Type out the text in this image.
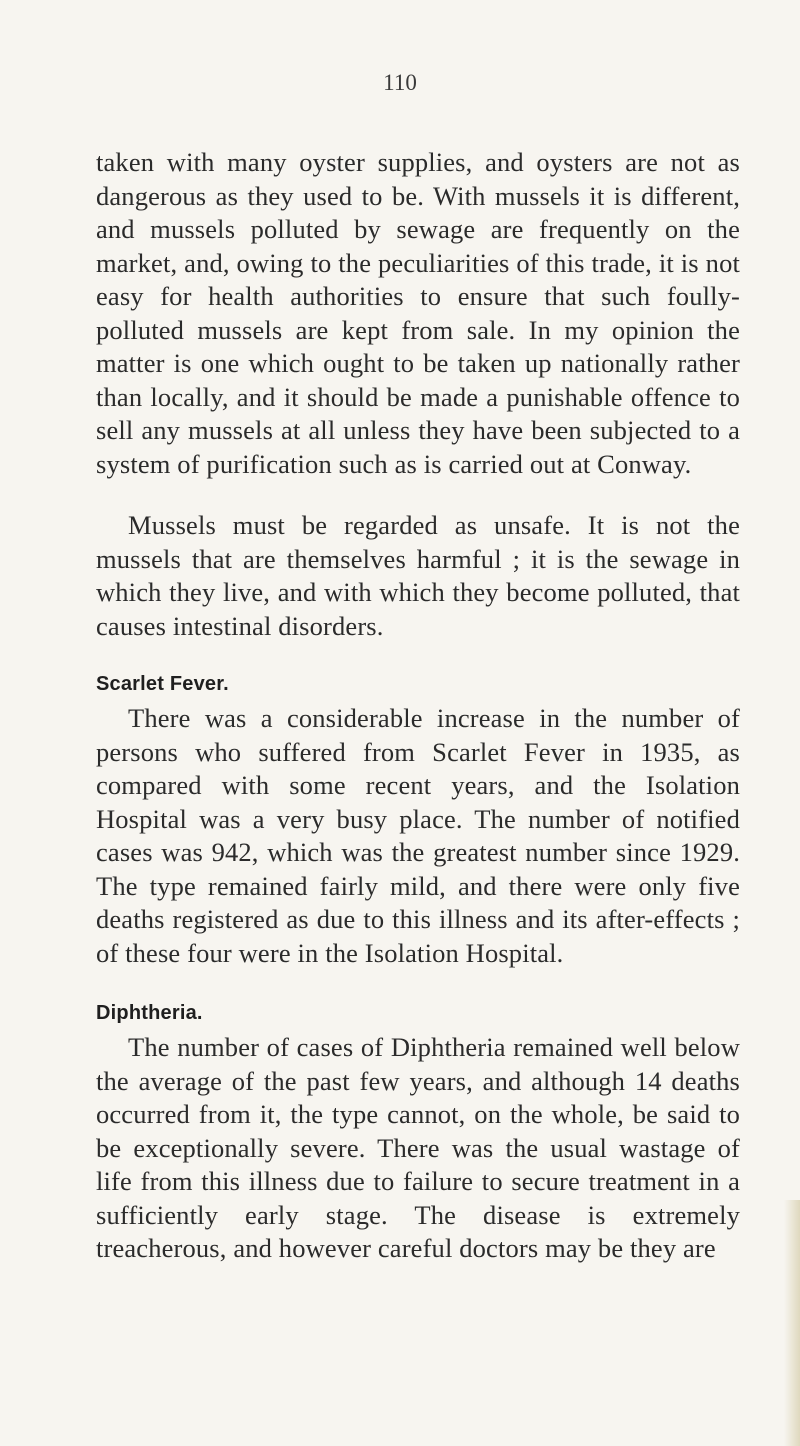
110

taken with many oyster supplies, and oysters are not as dangerous as they used to be. With mussels it is different, and mussels polluted by sewage are frequently on the market, and, owing to the peculiarities of this trade, it is not easy for health authorities to ensure that such foully-polluted mussels are kept from sale. In my opinion the matter is one which ought to be taken up nationally rather than locally, and it should be made a punishable offence to sell any mussels at all unless they have been subjected to a system of purification such as is carried out at Conway.

Mussels must be regarded as unsafe. It is not the mussels that are themselves harmful ; it is the sewage in which they live, and with which they become polluted, that causes intestinal disorders.

Scarlet Fever.

There was a considerable increase in the number of persons who suffered from Scarlet Fever in 1935, as compared with some recent years, and the Isolation Hospital was a very busy place. The number of notified cases was 942, which was the greatest number since 1929. The type remained fairly mild, and there were only five deaths registered as due to this illness and its after-effects ; of these four were in the Isolation Hospital.

Diphtheria.

The number of cases of Diphtheria remained well below the average of the past few years, and although 14 deaths occurred from it, the type cannot, on the whole, be said to be exceptionally severe. There was the usual wastage of life from this illness due to failure to secure treatment in a sufficiently early stage. The disease is extremely treacherous, and however careful doctors may be they are
